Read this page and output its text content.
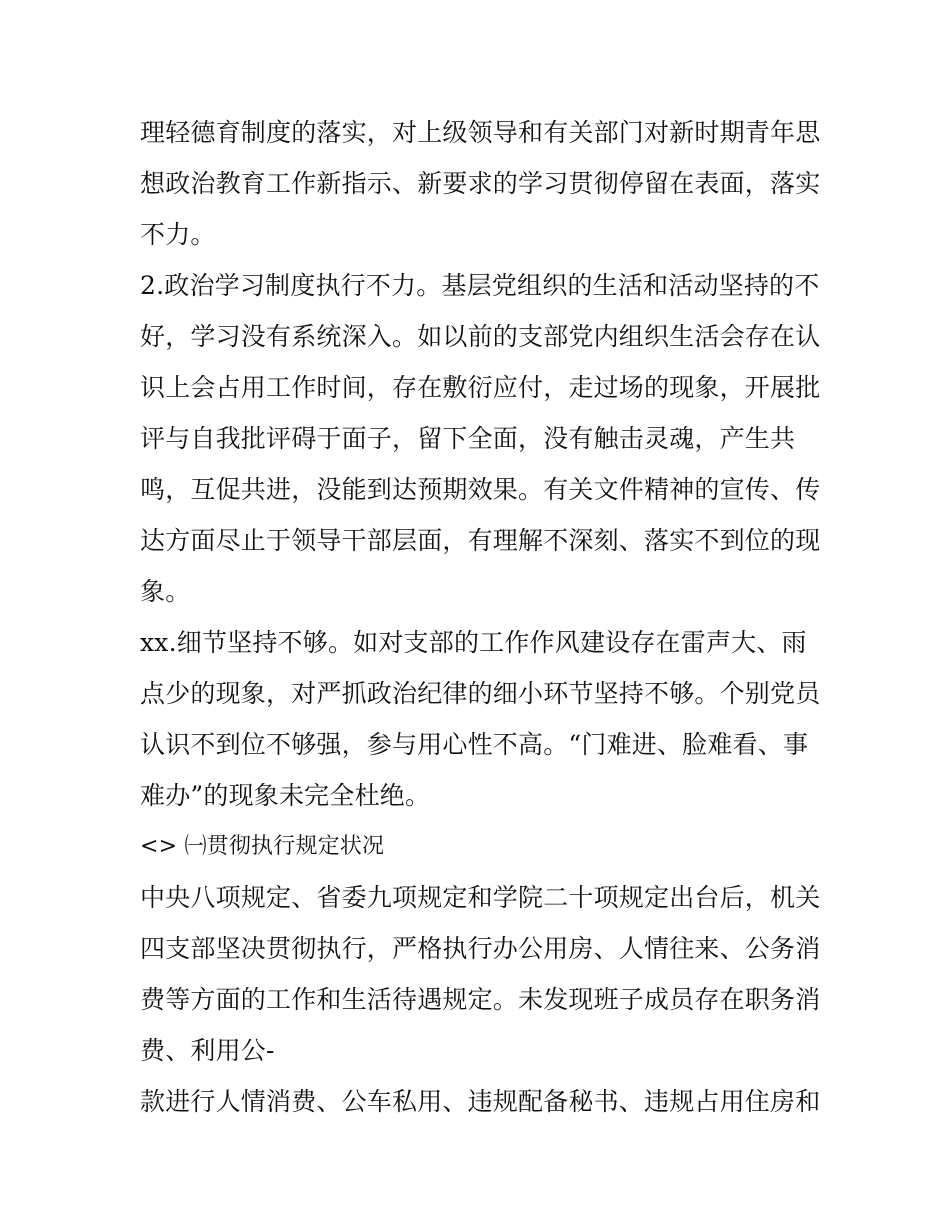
理轻德育制度的落实，对上级领导和有关部门对新时期青年思
想政治教育工作新指示、新要求的学习贯彻停留在表面，落实
不力。
2.政治学习制度执行不力。基层党组织的生活和活动坚持的不
好，学习没有系统深入。如以前的支部党内组织生活会存在认
识上会占用工作时间，存在敷衍应付，走过场的现象，开展批
评与自我批评碍于面子，留下全面，没有触击灵魂，产生共
鸣，互促共进，没能到达预期效果。有关文件精神的宣传、传
达方面尽止于领导干部层面，有理解不深刻、落实不到位的现
象。
xx.细节坚持不够。如对支部的工作作风建设存在雷声大、雨
点少的现象，对严抓政治纪律的细小环节坚持不够。个别党员
认识不到位不够强，参与用心性不高。“门难进、脸难看、事
难办”的现象未完全杜绝。
<> ㈠贯彻执行规定状况
中央八项规定、省委九项规定和学院二十项规定出台后，机关
四支部坚决贯彻执行，严格执行办公用房、人情往来、公务消
费等方面的工作和生活待遇规定。未发现班子成员存在职务消
费、利用公-
款进行人情消费、公车私用、违规配备秘书、违规占用住房和
